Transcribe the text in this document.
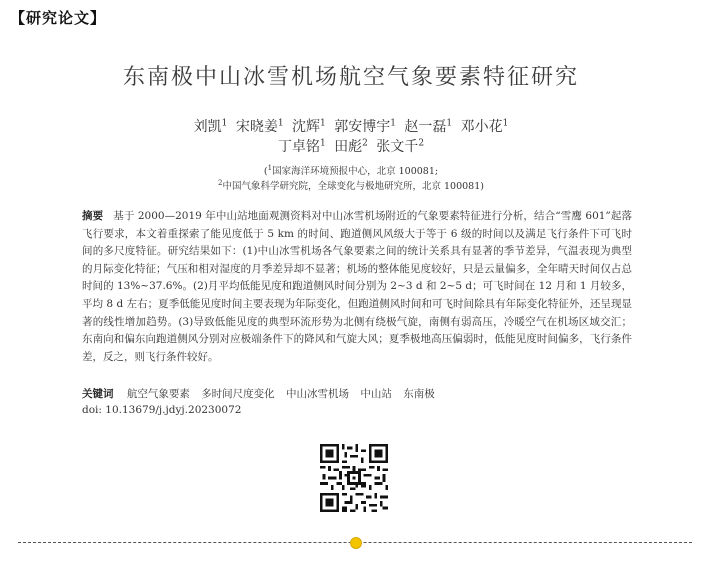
【研究论文】
东南极中山冰雪机场航空气象要素特征研究
刘凯$^1$ 宋晓姜$^1$ 沈辉$^1$ 郭安博宇$^1$ 赵一磊$^1$ 邓小花$^1$
丁卓铭$^1$ 田彪$^2$ 张文千$^2$
($^1$国家海洋环境预报中心，北京 100081;
$^2$中国气象科学研究院，全球变化与极地研究所，北京 100081)

摘要 基于 2000—2019 年中山站地面观测资料对中山冰雪机场附近的气象要素特征进行分析，结合“雪鹰 601”起落飞行要求，本文着重探索了能见度低于 5 km 的时间、跑道侧风风级大于等于 6 级的时间以及满足飞行条件下可飞时间的多尺度特征。研究结果如下：(1)中山冰雪机场各气象要素之间的统计关系具有显著的季节差异，气温表现为典型的月际变化特征；气压和相对湿度的月季差异却不显著；机场的整体能见度较好，只是云量偏多，全年晴天时间仅占总时间的 13%~37.6%。(2)月平均低能见度和跑道侧风时间分别为 2~3 d 和 2~5 d；可飞时间在 12 月和 1 月较多，平均 8 d 左右；夏季低能见度时间主要表现为年际变化，但跑道侧风时间和可飞时间除具有年际变化特征外，还呈现显著的线性增加趋势。(3)导致低能见度的典型环流形势为北侧有绕极气旋，南侧有弱高压，冷暖空气在机场区域交汇；东南向和偏东向跑道侧风分别对应极端条件下的降风和气旋大风；夏季极地高压偏弱时，低能见度时间偏多，飞行条件差，反之，则飞行条件较好。

关键词 航空气象要素 多时间尺度变化 中山冰雪机场 中山站 东南极

doi: 10.13679/j.jdyj.20230072
